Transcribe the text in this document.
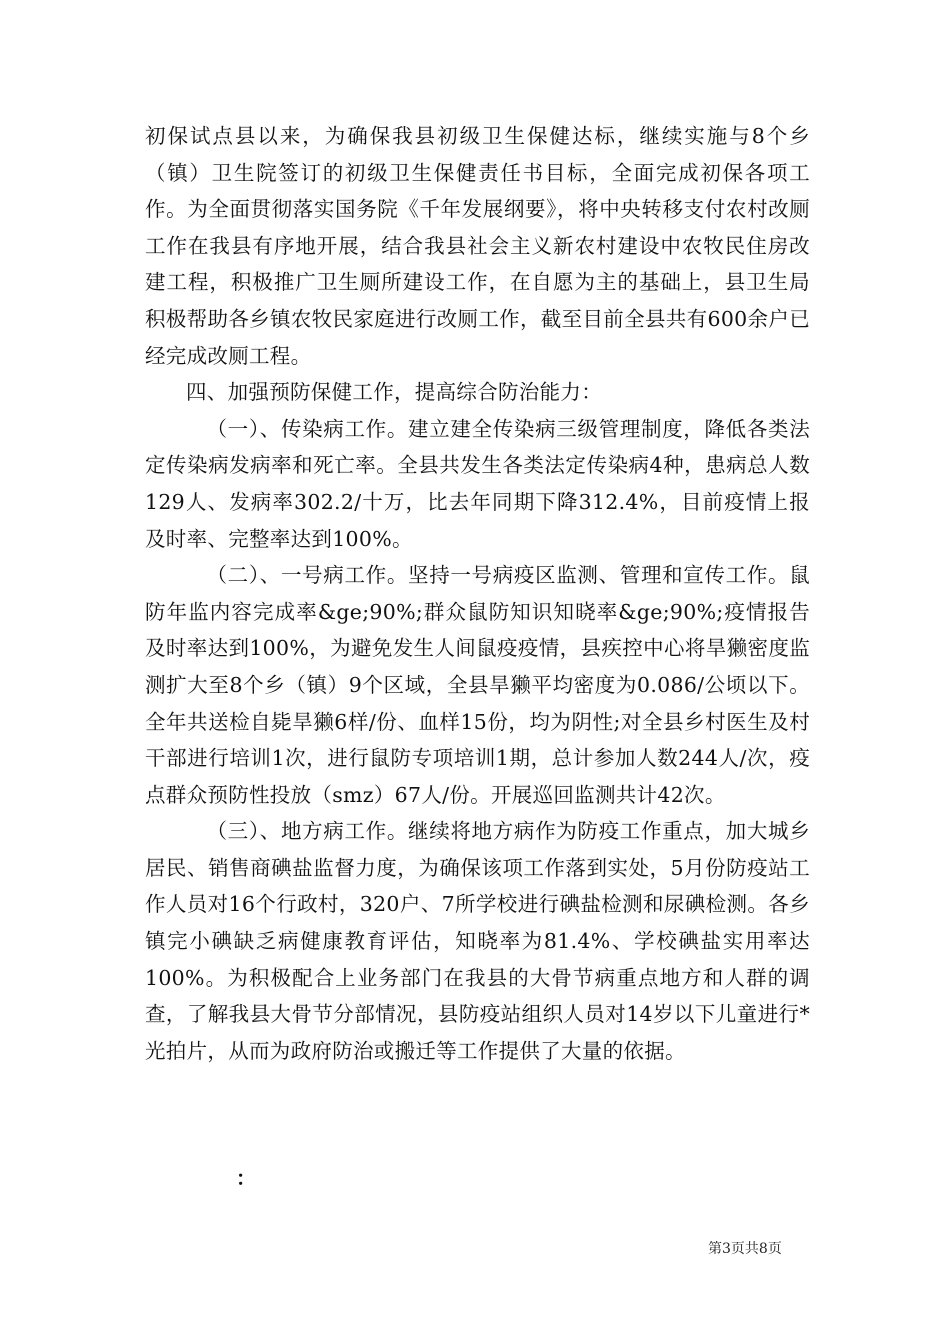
初保试点县以来，为确保我县初级卫生保健达标，继续实施与8个乡（镇）卫生院签订的初级卫生保健责任书目标，全面完成初保各项工作。为全面贯彻落实国务院《千年发展纲要》，将中央转移支付农村改厕工作在我县有序地开展，结合我县社会主义新农村建设中农牧民住房改建工程，积极推广卫生厕所建设工作，在自愿为主的基础上，县卫生局积极帮助各乡镇农牧民家庭进行改厕工作，截至目前全县共有600余户已经完成改厕工程。

四、加强预防保健工作，提高综合防治能力：

（一）、传染病工作。建立建全传染病三级管理制度，降低各类法定传染病发病率和死亡率。全县共发生各类法定传染病4种，患病总人数129人、发病率302.2/十万，比去年同期下降312.4%，目前疫情上报及时率、完整率达到100%。

（二）、一号病工作。坚持一号病疫区监测、管理和宣传工作。鼠防年监内容完成率&ge;90%;群众鼠防知识知晓率&ge;90%;疫情报告及时率达到100%，为避免发生人间鼠疫疫情，县疾控中心将旱獭密度监测扩大至8个乡（镇）9个区域，全县旱獭平均密度为0.086/公顷以下。全年共送检自毙旱獭6样/份、血样15份，均为阴性;对全县乡村医生及村干部进行培训1次，进行鼠防专项培训1期，总计参加人数244人/次，疫点群众预防性投放（smz）67人/份。开展巡回监测共计42次。

（三）、地方病工作。继续将地方病作为防疫工作重点，加大城乡居民、销售商碘盐监督力度，为确保该项工作落到实处，5月份防疫站工作人员对16个行政村，320户、7所学校进行碘盐检测和尿碘检测。各乡镇完小碘缺乏病健康教育评估，知晓率为81.4%、学校碘盐实用率达100%。为积极配合上业务部门在我县的大骨节病重点地方和人群的调查，了解我县大骨节分部情况，县防疫站组织人员对14岁以下儿童进行*光拍片，从而为政府防治或搬迁等工作提供了大量的依据。

：
第3页共8页
